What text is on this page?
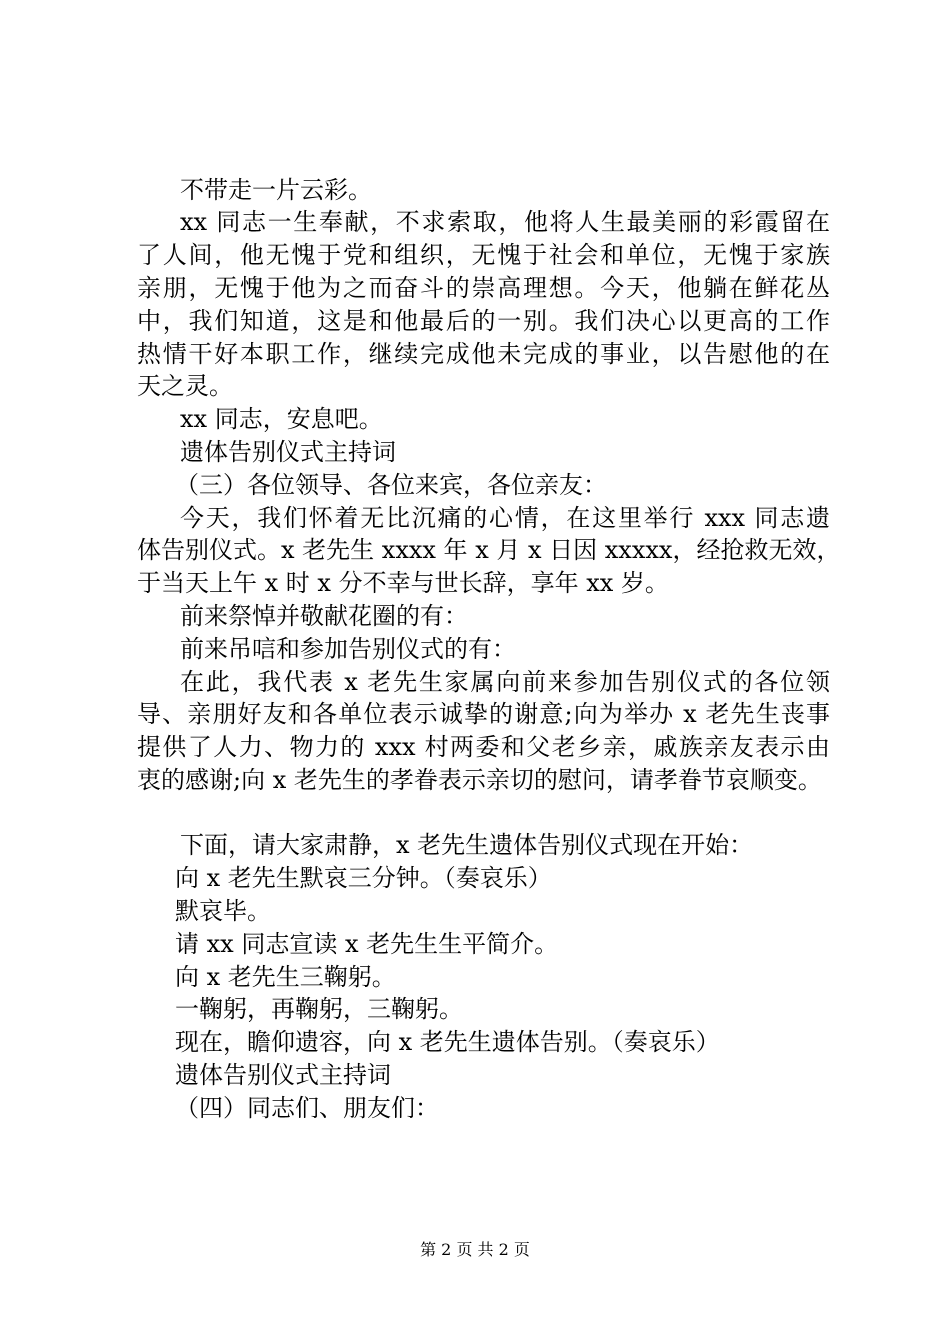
不带走一片云彩。
xx 同志一生奉献，不求索取，他将人生最美丽的彩霞留在
了人间，他无愧于党和组织，无愧于社会和单位，无愧于家族
亲朋，无愧于他为之而奋斗的崇高理想。今天，他躺在鲜花丛
中，我们知道，这是和他最后的一别。我们决心以更高的工作
热情干好本职工作，继续完成他未完成的事业，以告慰他的在
天之灵。
xx 同志，安息吧。
遗体告别仪式主持词
（三）各位领导、各位来宾，各位亲友：
今天，我们怀着无比沉痛的心情，在这里举行 xxx 同志遗
体告别仪式。x 老先生 xxxx 年 x 月 x 日因 xxxxx，经抢救无效，
于当天上午 x 时 x 分不幸与世长辞，享年 xx 岁。
前来祭悼并敬献花圈的有：
前来吊唁和参加告别仪式的有：
在此，我代表 x 老先生家属向前来参加告别仪式的各位领
导、亲朋好友和各单位表示诚挚的谢意;向为举办 x 老先生丧事
提供了人力、物力的 xxx 村两委和父老乡亲，戚族亲友表示由
衷的感谢;向 x 老先生的孝眷表示亲切的慰问，请孝眷节哀顺变。
下面，请大家肃静，x 老先生遗体告别仪式现在开始：
向 x 老先生默哀三分钟。（奏哀乐）
默哀毕。
请 xx 同志宣读 x 老先生生平简介。
向 x 老先生三鞠躬。
一鞠躬，再鞠躬，三鞠躬。
现在，瞻仰遗容，向 x 老先生遗体告别。（奏哀乐）
遗体告别仪式主持词
（四）同志们、朋友们：
第 2 页 共 2 页
